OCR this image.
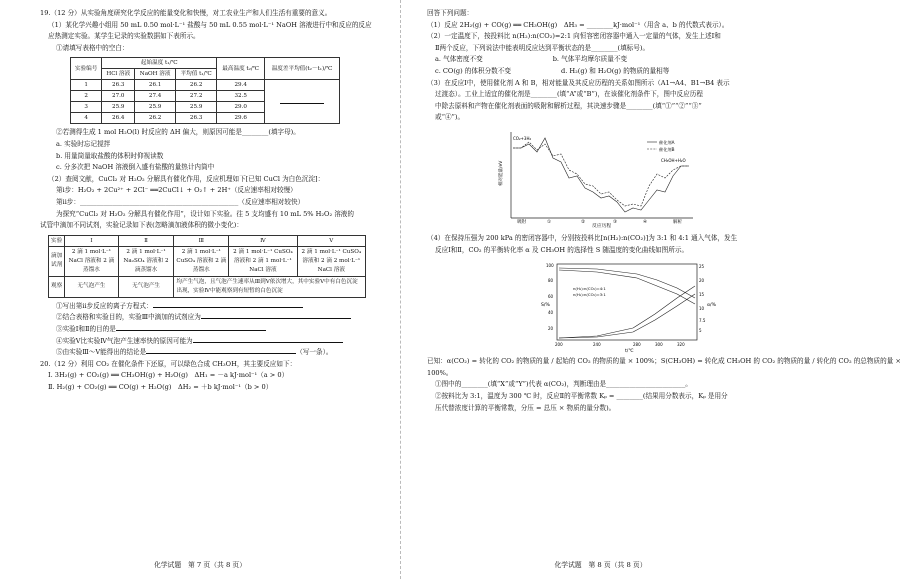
19.（12 分）从实验角度研究化学反应的能量变化和快慢，对工农业生产和人们生活有重要的意义。
（1）某化学兴趣小组用 50 mL 0.50 mol·L⁻¹ 盐酸与 50 mL 0.55 mol·L⁻¹ NaOH 溶液进行中和反应的反应
应热测定实验。某学生记录的实验数据如下表所示。
①请填写表格中的空白：
实验编号	起始温度 t₁/℃			最高温度 t₂/℃	温度差平均值(t₂－t₁)/℃
	HCl 溶液	NaOH 溶液	平均值 t₁/℃		
1	26.3	26.1	26.2	29.4	
2	27.0	27.4	27.2	32.5	
3	25.9	25.9	25.9	29.0	
4	26.4	26.2	26.3	29.6	
②若测得生成 1 mol H₂O(l) 时反应的 ΔH 偏大，则原因可能是________(填字母)。
a. 实验时忘记搅拌
b. 用量筒量取盐酸的体积时仰视读数
c. 分多次把 NaOH 溶液倒入盛有盐酸的量热计内筒中
（2）查阅文献，CuCl₂ 对 H₂O₂ 分解具有催化作用，反应机理如下[已知 CuCl 为白色沉淀]：
第ⅰ步：H₂O₂ + 2Cu²⁺ + 2Cl⁻ ══2CuCl↓ + O₂↑ + 2H⁺（反应速率相对较慢）
第ⅱ步：________________________________________________（反应速率相对较快）
为探究“CuCl₂ 对 H₂O₂ 分解具有催化作用”，设计如下实验。往 5 支均盛有 10 mL 5% H₂O₂ 溶液的
试管中滴加不同试剂，实验记录如下表(忽略滴加液体积的微小变化)：
实验	Ⅰ	Ⅱ	Ⅲ	Ⅳ	Ⅴ
滴加试剂	2 滴 1 mol·L⁻¹ NaCl 溶液和 2 滴蒸馏水	2 滴 1 mol·L⁻¹ Na₂SO₄ 溶液和 2 滴蒸馏水	2 滴 1 mol·L⁻¹ CuSO₄ 溶液和 2 滴蒸馏水	2 滴 1 mol·L⁻¹ CuSO₄ 溶液和 2 滴 1 mol·L⁻¹ NaCl 溶液	2 滴 1 mol·L⁻¹ CuSO₄ 溶液和 2 滴 2 mol·L⁻¹ NaCl 溶液
观察	无气泡产生	无气泡产生	均产生气泡，且气泡产生速率从Ⅲ到Ⅴ依次增大，其中实验Ⅴ中有白色沉淀出现，实验Ⅳ中能观察到有短暂的白色沉淀		
①写出第ⅱ步反应的离子方程式：
②结合表格和实验目的，实验Ⅲ中滴加的试剂应为
③实验Ⅰ和Ⅱ的目的是
④实验Ⅴ比实验Ⅳ气泡产生速率快的原因可能为
⑤由实验Ⅲ～Ⅴ能得出的结论是	（写一条）。
20.（12 分）利用 CO₂ 在催化条件下还原，可以绿色合成 CH₃OH，其主要反应如下：
Ⅰ. 3H₂(g) + CO₂(g) ══ CH₃OH(g) + H₂O(g)　ΔH₁ = －a kJ·mol⁻¹（a > 0）
Ⅱ. H₂(g) + CO₂(g) ══ CO(g) + H₂O(g)　ΔH₂ = ＋b kJ·mol⁻¹（b > 0）
化学试题　第 7 页（共 8 页）
回答下列问题：
（1）反应 2H₂(g) + CO(g) ══ CH₃OH(g)　ΔH₃ = ________kJ·mol⁻¹（用含 a、b 的代数式表示）。
（2）一定温度下，按投料比 n(H₂):n(CO₂)=2:1 向恒容密闭容器中通入一定量的气体，发生上述Ⅰ和
Ⅱ两个反应，下列说法中能表明反应达到平衡状态的是________(填标号)。
a. 气体密度不变	b. 气体平均摩尔质量不变
c. CO(g) 的体积分数不变	d. H₂(g) 和 H₂O(g) 的物质的量相等
（3）在反应Ⅰ中，使用催化剂 A 和 B，相对能量及其反应历程的关系如图所示（A1→A4、B1→B4 表示
过渡态）。工业上适宜的催化剂是________(填“A”或“B”)，在该催化剂条件下，图中反应历程
中除去原料和产物在催化剂表面的吸附和解析过程，其决速步骤是________(填“①”“②”“③”
或“④”)。
相对能量/eV
反应历程
CO₂+3H₂
CH₃OH+H₂O
催化剂A
催化剂B
吸附	①	②	③	④	解析
（4）在保持压强为 200 kPa 的密闭容器中，分别按投料比[n(H₂):n(CO₂)]为 3:1 和 4:1 通入气体，发生
反应Ⅰ和Ⅱ，CO₂ 的平衡转化率 α 及 CH₃OH 的选择性 S 随温度的变化曲线如图所示。
S/%	α/%
t/℃
200	240	280	300	320
20
40
60
80
100
5
7.5
10
15
20
25
n(H₂):n(CO₂)=4:1
n(H₂):n(CO₂)=3:1
已知：α(CO₂) = 转化的 CO₂ 的物质的量 / 起始的 CO₂ 的物质的量 × 100%；S(CH₃OH) = 转化成 CH₃OH 的 CO₂ 的物质的量 / 转化的 CO₂ 的总物质的量 ×
100%。
①图中的________(填“X”或“Y”)代表 α(CO₂)，判断理由是________________________。
②按料比为 3:1，温度为 300 ℃ 时，反应Ⅱ的平衡常数 Kₚ = ________(结果用分数表示，Kₚ 是用分
压代替浓度计算的平衡常数，分压 = 总压 × 物质的量分数)。
化学试题　第 8 页（共 8 页）
